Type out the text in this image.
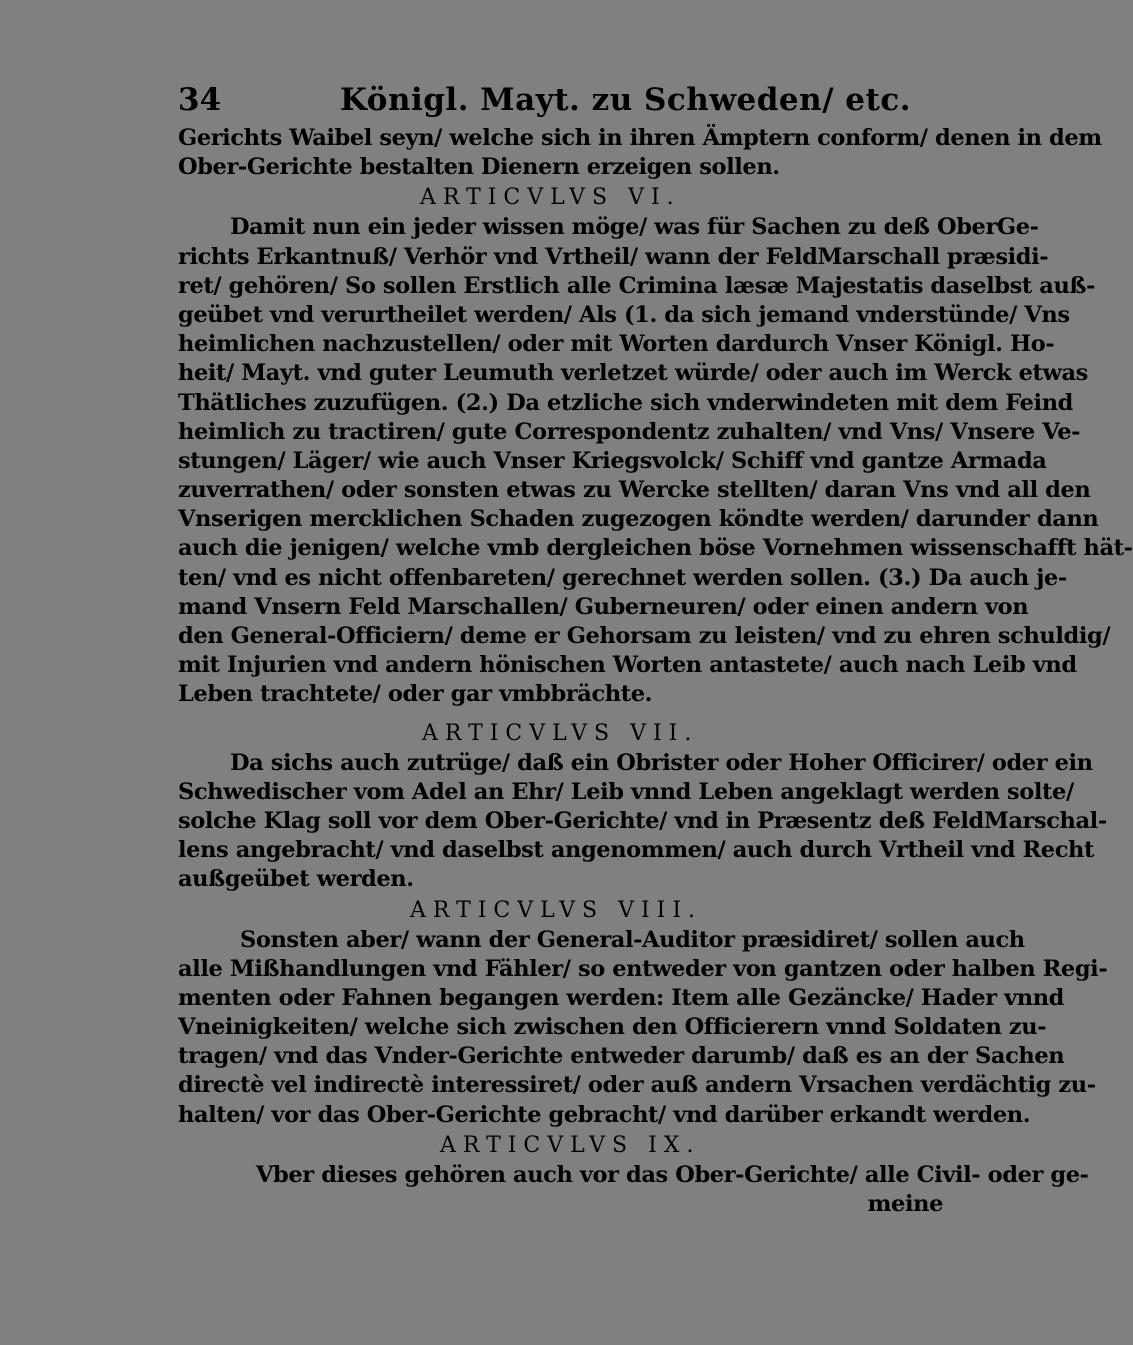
34	Königl. Mayt. zu Schweden/ etc.
Gerichts Waibel seyn/ welche sich in ihren Ämptern conform/ denen in dem
Ober-Gerichte bestalten Dienern erzeigen sollen.
ARTICVLVS VI.
Damit nun ein jeder wissen möge/ was für Sachen zu deß OberGe-
richts Erkantnuß/ Verhör vnd Vrtheil/ wann der FeldMarschall præsidi-
ret/ gehören/ So sollen Erstlich alle Crimina læsæ Majestatis daselbst auß-
geübet vnd verurtheilet werden/ Als (1. da sich jemand vnderstünde/ Vns
heimlichen nachzustellen/ oder mit Worten dardurch Vnser Königl. Ho-
heit/ Mayt. vnd guter Leumuth verletzet würde/ oder auch im Werck etwas
Thätliches zuzufügen. (2.) Da etzliche sich vnderwindeten mit dem Feind
heimlich zu tractiren/ gute Correspondentz zuhalten/ vnd Vns/ Vnsere Ve-
stungen/ Läger/ wie auch Vnser Kriegsvolck/ Schiff vnd gantze Armada
zuverrathen/ oder sonsten etwas zu Wercke stellten/ daran Vns vnd all den
Vnserigen mercklichen Schaden zugezogen köndte werden/ darunder dann
auch die jenigen/ welche vmb dergleichen böse Vornehmen wissenschafft hät-
ten/ vnd es nicht offenbareten/ gerechnet werden sollen. (3.) Da auch je-
mand Vnsern Feld Marschallen/ Guberneuren/ oder einen andern von
den General-Officiern/ deme er Gehorsam zu leisten/ vnd zu ehren schuldig/
mit Injurien vnd andern hönischen Worten antastete/ auch nach Leib vnd
Leben trachtete/ oder gar vmbbrächte.
ARTICVLVS VII.
Da sichs auch zutrüge/ daß ein Obrister oder Hoher Officirer/ oder ein
Schwedischer vom Adel an Ehr/ Leib vnnd Leben angeklagt werden solte/
solche Klag soll vor dem Ober-Gerichte/ vnd in Præsentz deß FeldMarschal-
lens angebracht/ vnd daselbst angenommen/ auch durch Vrtheil vnd Recht
außgeübet werden.
ARTICVLVS VIII.
Sonsten aber/ wann der General-Auditor præsidiret/ sollen auch
alle Mißhandlungen vnd Fähler/ so entweder von gantzen oder halben Regi-
menten oder Fahnen begangen werden: Item alle Gezäncke/ Hader vnnd
Vneinigkeiten/ welche sich zwischen den Officierern vnnd Soldaten zu-
tragen/ vnd das Vnder-Gerichte entweder darumb/ daß es an der Sachen
directè vel indirectè interessiret/ oder auß andern Vrsachen verdächtig zu-
halten/ vor das Ober-Gerichte gebracht/ vnd darüber erkandt werden.
ARTICVLVS IX.
Vber dieses gehören auch vor das Ober-Gerichte/ alle Civil- oder ge-
meine
